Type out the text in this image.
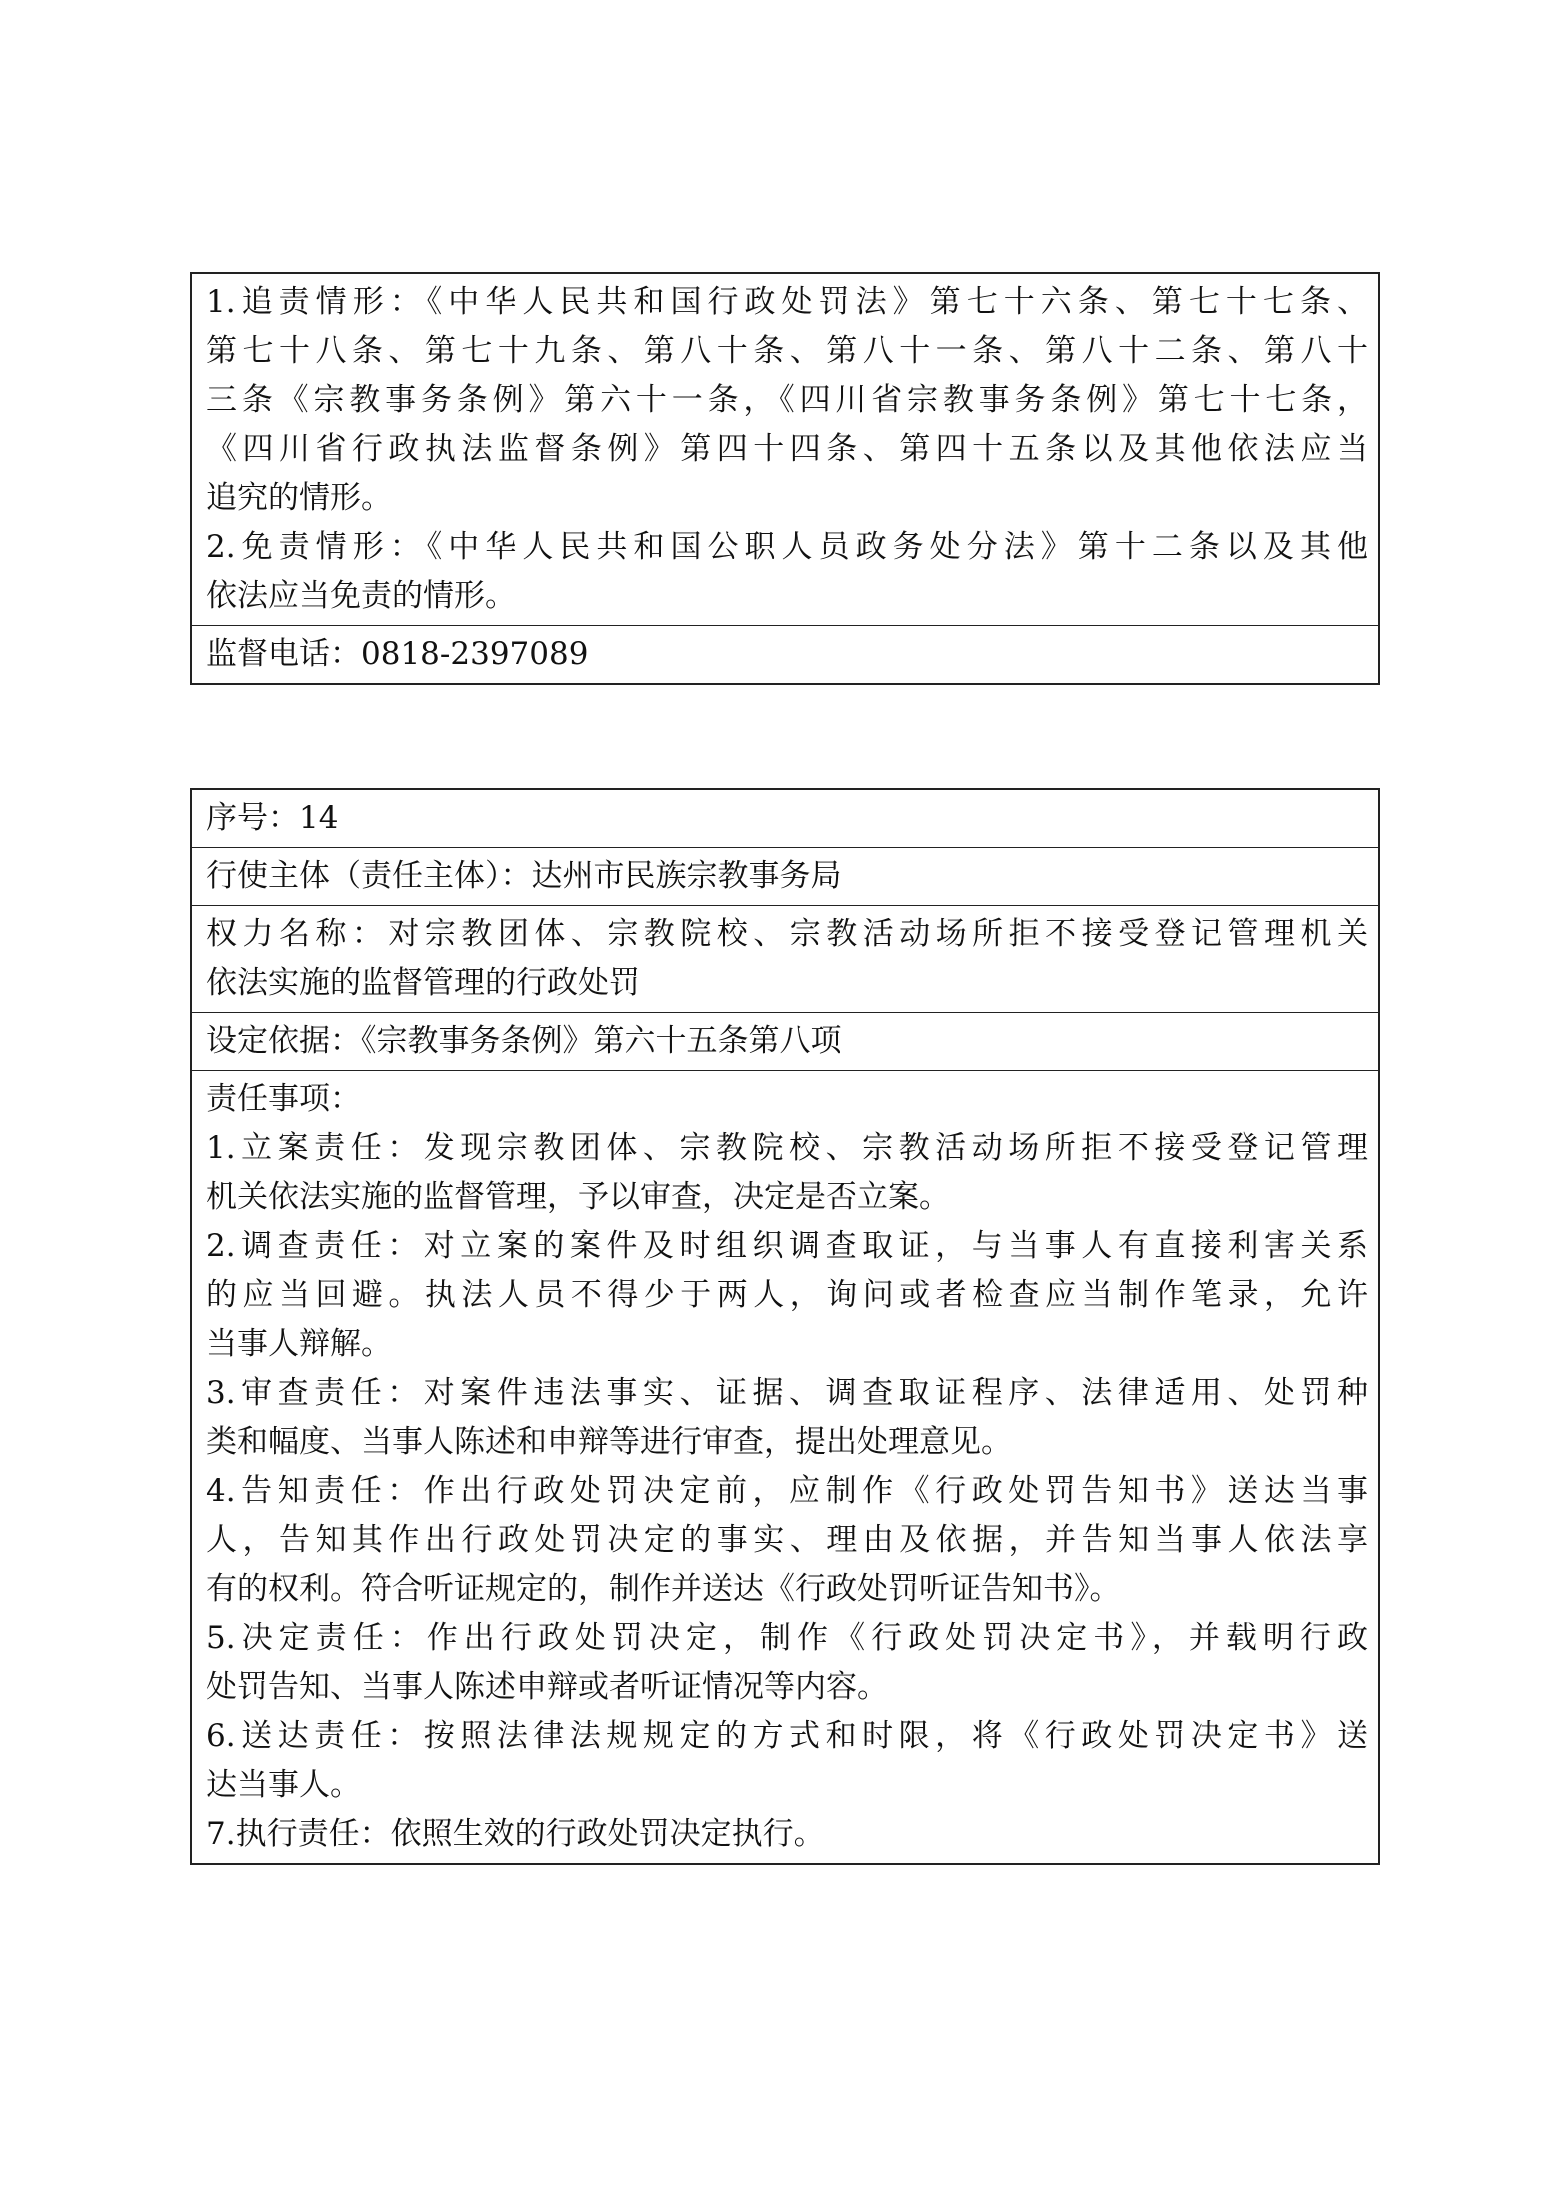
1.追责情形：《中华人民共和国行政处罚法》第七十六条、第七十七条、
第七十八条、第七十九条、第八十条、第八十一条、第八十二条、第八十
三条《宗教事务条例》第六十一条，《四川省宗教事务条例》第七十七条，
《四川省行政执法监督条例》第四十四条、第四十五条以及其他依法应当
追究的情形。
2.免责情形：《中华人民共和国公职人员政务处分法》第十二条以及其他
依法应当免责的情形。
监督电话：0818-2397089
序号：14
行使主体（责任主体）：达州市民族宗教事务局
权力名称：对宗教团体、宗教院校、宗教活动场所拒不接受登记管理机关
依法实施的监督管理的行政处罚
设定依据：《宗教事务条例》第六十五条第八项
责任事项：
1.立案责任：发现宗教团体、宗教院校、宗教活动场所拒不接受登记管理
机关依法实施的监督管理，予以审查，决定是否立案。
2.调查责任：对立案的案件及时组织调查取证，与当事人有直接利害关系
的应当回避。执法人员不得少于两人，询问或者检查应当制作笔录，允许
当事人辩解。
3.审查责任：对案件违法事实、证据、调查取证程序、法律适用、处罚种
类和幅度、当事人陈述和申辩等进行审查，提出处理意见。
4.告知责任：作出行政处罚决定前，应制作《行政处罚告知书》送达当事
人，告知其作出行政处罚决定的事实、理由及依据，并告知当事人依法享
有的权利。符合听证规定的，制作并送达《行政处罚听证告知书》。
5.决定责任：作出行政处罚决定，制作《行政处罚决定书》，并载明行政
处罚告知、当事人陈述申辩或者听证情况等内容。
6.送达责任：按照法律法规规定的方式和时限，将《行政处罚决定书》送
达当事人。
7.执行责任：依照生效的行政处罚决定执行。
